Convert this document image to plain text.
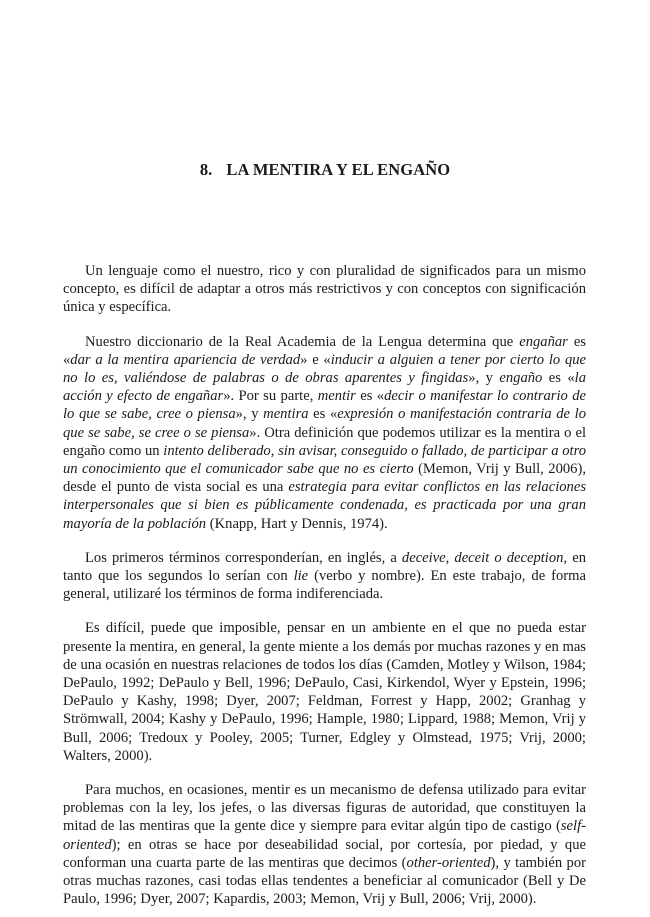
8. LA MENTIRA Y EL ENGAÑO

Un lenguaje como el nuestro, rico y con pluralidad de significados para un mismo concepto, es difícil de adaptar a otros más restrictivos y con conceptos con significación única y específica.

Nuestro diccionario de la Real Academia de la Lengua determina que engañar es «dar a la mentira apariencia de verdad» e «inducir a alguien a tener por cierto lo que no lo es, valiéndose de palabras o de obras aparentes y fingidas», y engaño es «la acción y efecto de engañar». Por su parte, mentir es «decir o manifestar lo contrario de lo que se sabe, cree o piensa», y mentira es «expresión o manifestación contraria de lo que se sabe, se cree o se piensa». Otra definición que podemos utilizar es la mentira o el engaño como un intento deliberado, sin avisar, conseguido o fallado, de participar a otro un conocimiento que el comunicador sabe que no es cierto (Memon, Vrij y Bull, 2006), desde el punto de vista social es una estrategia para evitar conflictos en las relaciones interpersonales que si bien es públicamente condenada, es practicada por una gran mayoría de la población (Knapp, Hart y Dennis, 1974).

Los primeros términos corresponderían, en inglés, a deceive, deceit o deception, en tanto que los segundos lo serían con lie (verbo y nombre). En este trabajo, de forma general, utilizaré los términos de forma indiferenciada.

Es difícil, puede que imposible, pensar en un ambiente en el que no pueda estar presente la mentira, en general, la gente miente a los demás por muchas razones y en mas de una ocasión en nuestras relaciones de todos los días (Camden, Motley y Wilson, 1984; DePaulo, 1992; DePaulo y Bell, 1996; DePaulo, Casi, Kirkendol, Wyer y Epstein, 1996; DePaulo y Kashy, 1998; Dyer, 2007; Feldman, Forrest y Happ, 2002; Granhag y Strömwall, 2004; Kashy y DePaulo, 1996; Hample, 1980; Lippard, 1988; Memon, Vrij y Bull, 2006; Tredoux y Pooley, 2005; Turner, Edgley y Olmstead, 1975; Vrij, 2000; Walters, 2000).

Para muchos, en ocasiones, mentir es un mecanismo de defensa utilizado para evitar problemas con la ley, los jefes, o las diversas figuras de autoridad, que constituyen la mitad de las mentiras que la gente dice y siempre para evitar algún tipo de castigo (self-oriented); en otras se hace por deseabilidad social, por cortesía, por piedad, y que conforman una cuarta parte de las mentiras que decimos (other-oriented), y también por otras muchas razones, casi todas ellas tendentes a beneficiar al comunicador (Bell y De Paulo, 1996; Dyer, 2007; Kapardis, 2003; Memon, Vrij y Bull, 2006; Vrij, 2000).
